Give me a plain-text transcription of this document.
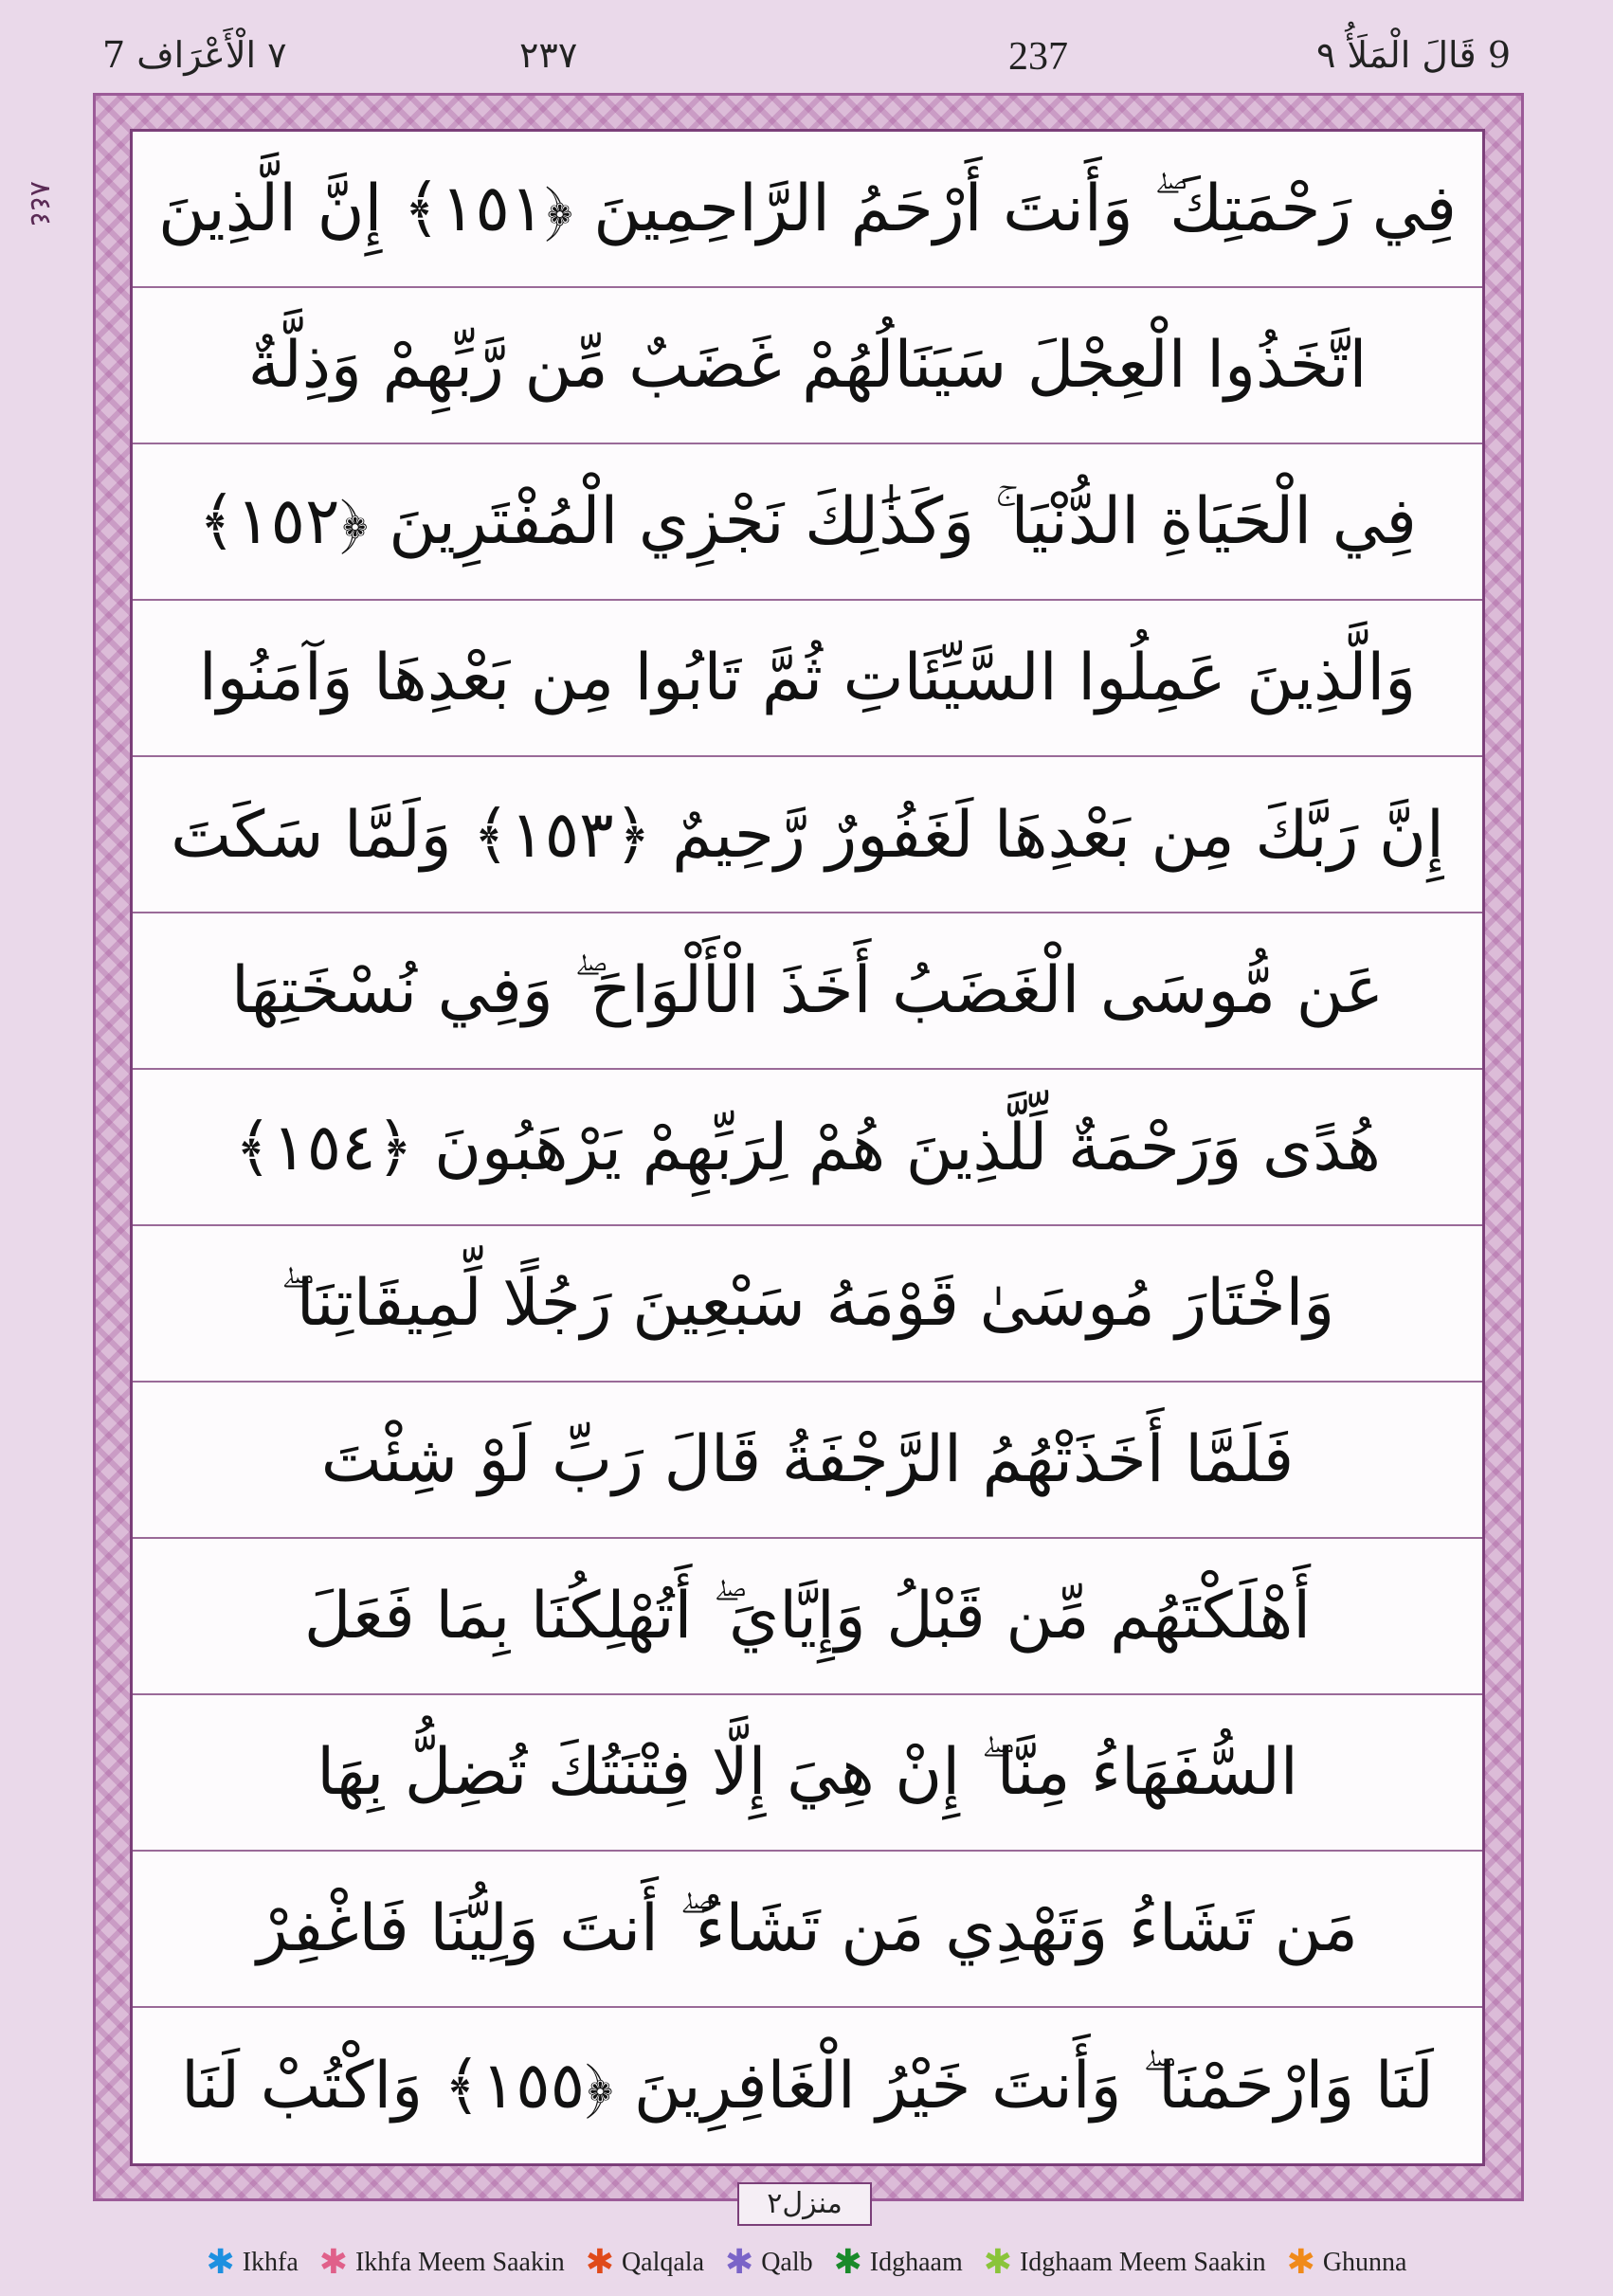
٧ الْأَعْرَاف 7	٢٣٧	237	9 قَالَ الْمَلَأُ ٩
٨٤٤ فِي رَحْمَتِكَ ۖ وَأَنتَ أَرْحَمُ الرَّاحِمِينَ ﴿١٥١﴾ إِنَّ الَّذِينَ
اتَّخَذُوا الْعِجْلَ سَيَنَالُهُمْ غَضَبٌ مِّن رَّبِّهِمْ وَذِلَّةٌ
فِي الْحَيَاةِ الدُّنْيَا ۚ وَكَذَٰلِكَ نَجْزِي الْمُفْتَرِينَ ﴿١٥٢﴾
وَالَّذِينَ عَمِلُوا السَّيِّئَاتِ ثُمَّ تَابُوا مِن بَعْدِهَا وَآمَنُوا
إِنَّ رَبَّكَ مِن بَعْدِهَا لَغَفُورٌ رَّحِيمٌ ﴿١٥٣﴾ وَلَمَّا سَكَتَ
عَن مُّوسَى الْغَضَبُ أَخَذَ الْأَلْوَاحَ ۖ وَفِي نُسْخَتِهَا
هُدًى وَرَحْمَةٌ لِّلَّذِينَ هُمْ لِرَبِّهِمْ يَرْهَبُونَ ﴿١٥٤﴾
وَاخْتَارَ مُوسَىٰ قَوْمَهُ سَبْعِينَ رَجُلًا لِّمِيقَاتِنَا ۖ
فَلَمَّا أَخَذَتْهُمُ الرَّجْفَةُ قَالَ رَبِّ لَوْ شِئْتَ
أَهْلَكْتَهُم مِّن قَبْلُ وَإِيَّايَ ۖ أَتُهْلِكُنَا بِمَا فَعَلَ
السُّفَهَاءُ مِنَّا ۖ إِنْ هِيَ إِلَّا فِتْنَتُكَ تُضِلُّ بِهَا
مَن تَشَاءُ وَتَهْدِي مَن تَشَاءُ ۖ أَنتَ وَلِيُّنَا فَاغْفِرْ
لَنَا وَارْحَمْنَا ۖ وَأَنتَ خَيْرُ الْغَافِرِينَ ﴿١٥٥﴾ وَاكْتُبْ لَنَا
منزل٢
✱ Ikhfa ✱ Ikhfa Meem Saakin ✱ Qalqala ✱ Qalb ✱ Idghaam ✱ Idghaam Meem Saakin ✱ Ghunna
